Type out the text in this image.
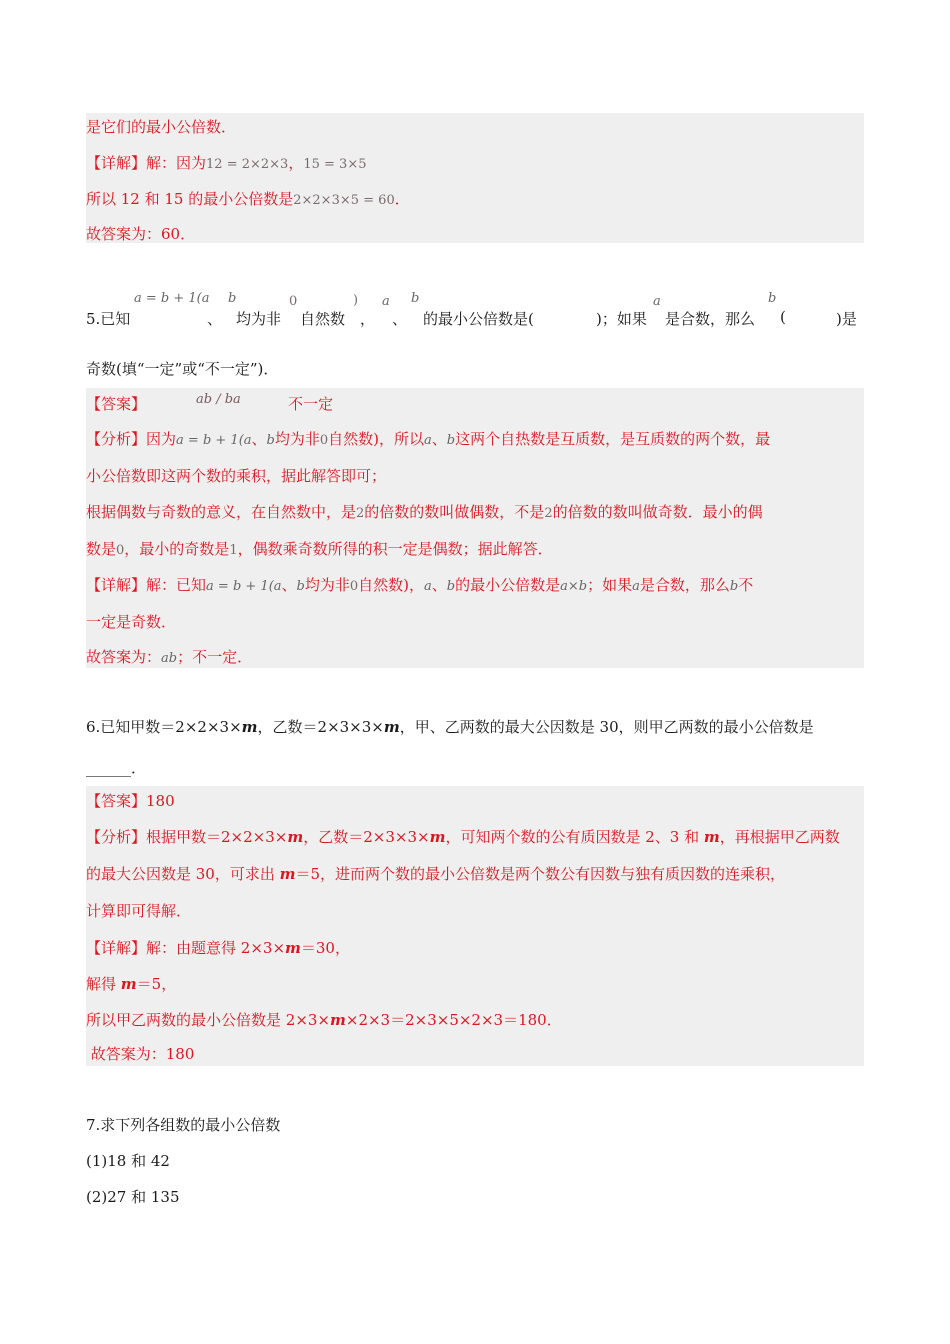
是它们的最小公倍数．
【详解】解：因为12 = 2×2×3，15 = 3×5
所以 12 和 15 的最小公倍数是2×2×3×5 = 60．
故答案为：60．
5.已知
a = b + 1(a
、
b
均为非
0
自然数
)
，
a
、
b
的最小公倍数是(	)；如果
a
是合数，那么
b
(	)是
奇数(填“一定”或“不一定”)．
【答案】	ab / ba	不一定
【分析】因为a = b + 1(a、b均为非0自然数)，所以a、b这两个自热数是互质数，是互质数的两个数，最
小公倍数即这两个数的乘积，据此解答即可；
根据偶数与奇数的意义，在自然数中，是2的倍数的数叫做偶数，不是2的倍数的数叫做奇数．最小的偶
数是0，最小的奇数是1，偶数乘奇数所得的积一定是偶数；据此解答．
【详解】解：已知a = b + 1(a、b均为非0自然数)，a、b的最小公倍数是a×b；如果a是合数，那么b不
一定是奇数．
故答案为：ab；不一定．
6.已知甲数＝2×2×3×m，乙数＝2×3×3×m，甲、乙两数的最大公因数是 30，则甲乙两数的最小公倍数是
______．
【答案】180
【分析】根据甲数＝2×2×3×m，乙数＝2×3×3×m，可知两个数的公有质因数是 2、3 和 m，再根据甲乙两数
的最大公因数是 30，可求出 m＝5，进而两个数的最小公倍数是两个数公有因数与独有质因数的连乘积，
计算即可得解．
【详解】解：由题意得 2×3×m＝30，
解得 m＝5，
所以甲乙两数的最小公倍数是 2×3×m×2×3＝2×3×5×2×3＝180．
故答案为：180
7.求下列各组数的最小公倍数
(1)18 和 42
(2)27 和 135
